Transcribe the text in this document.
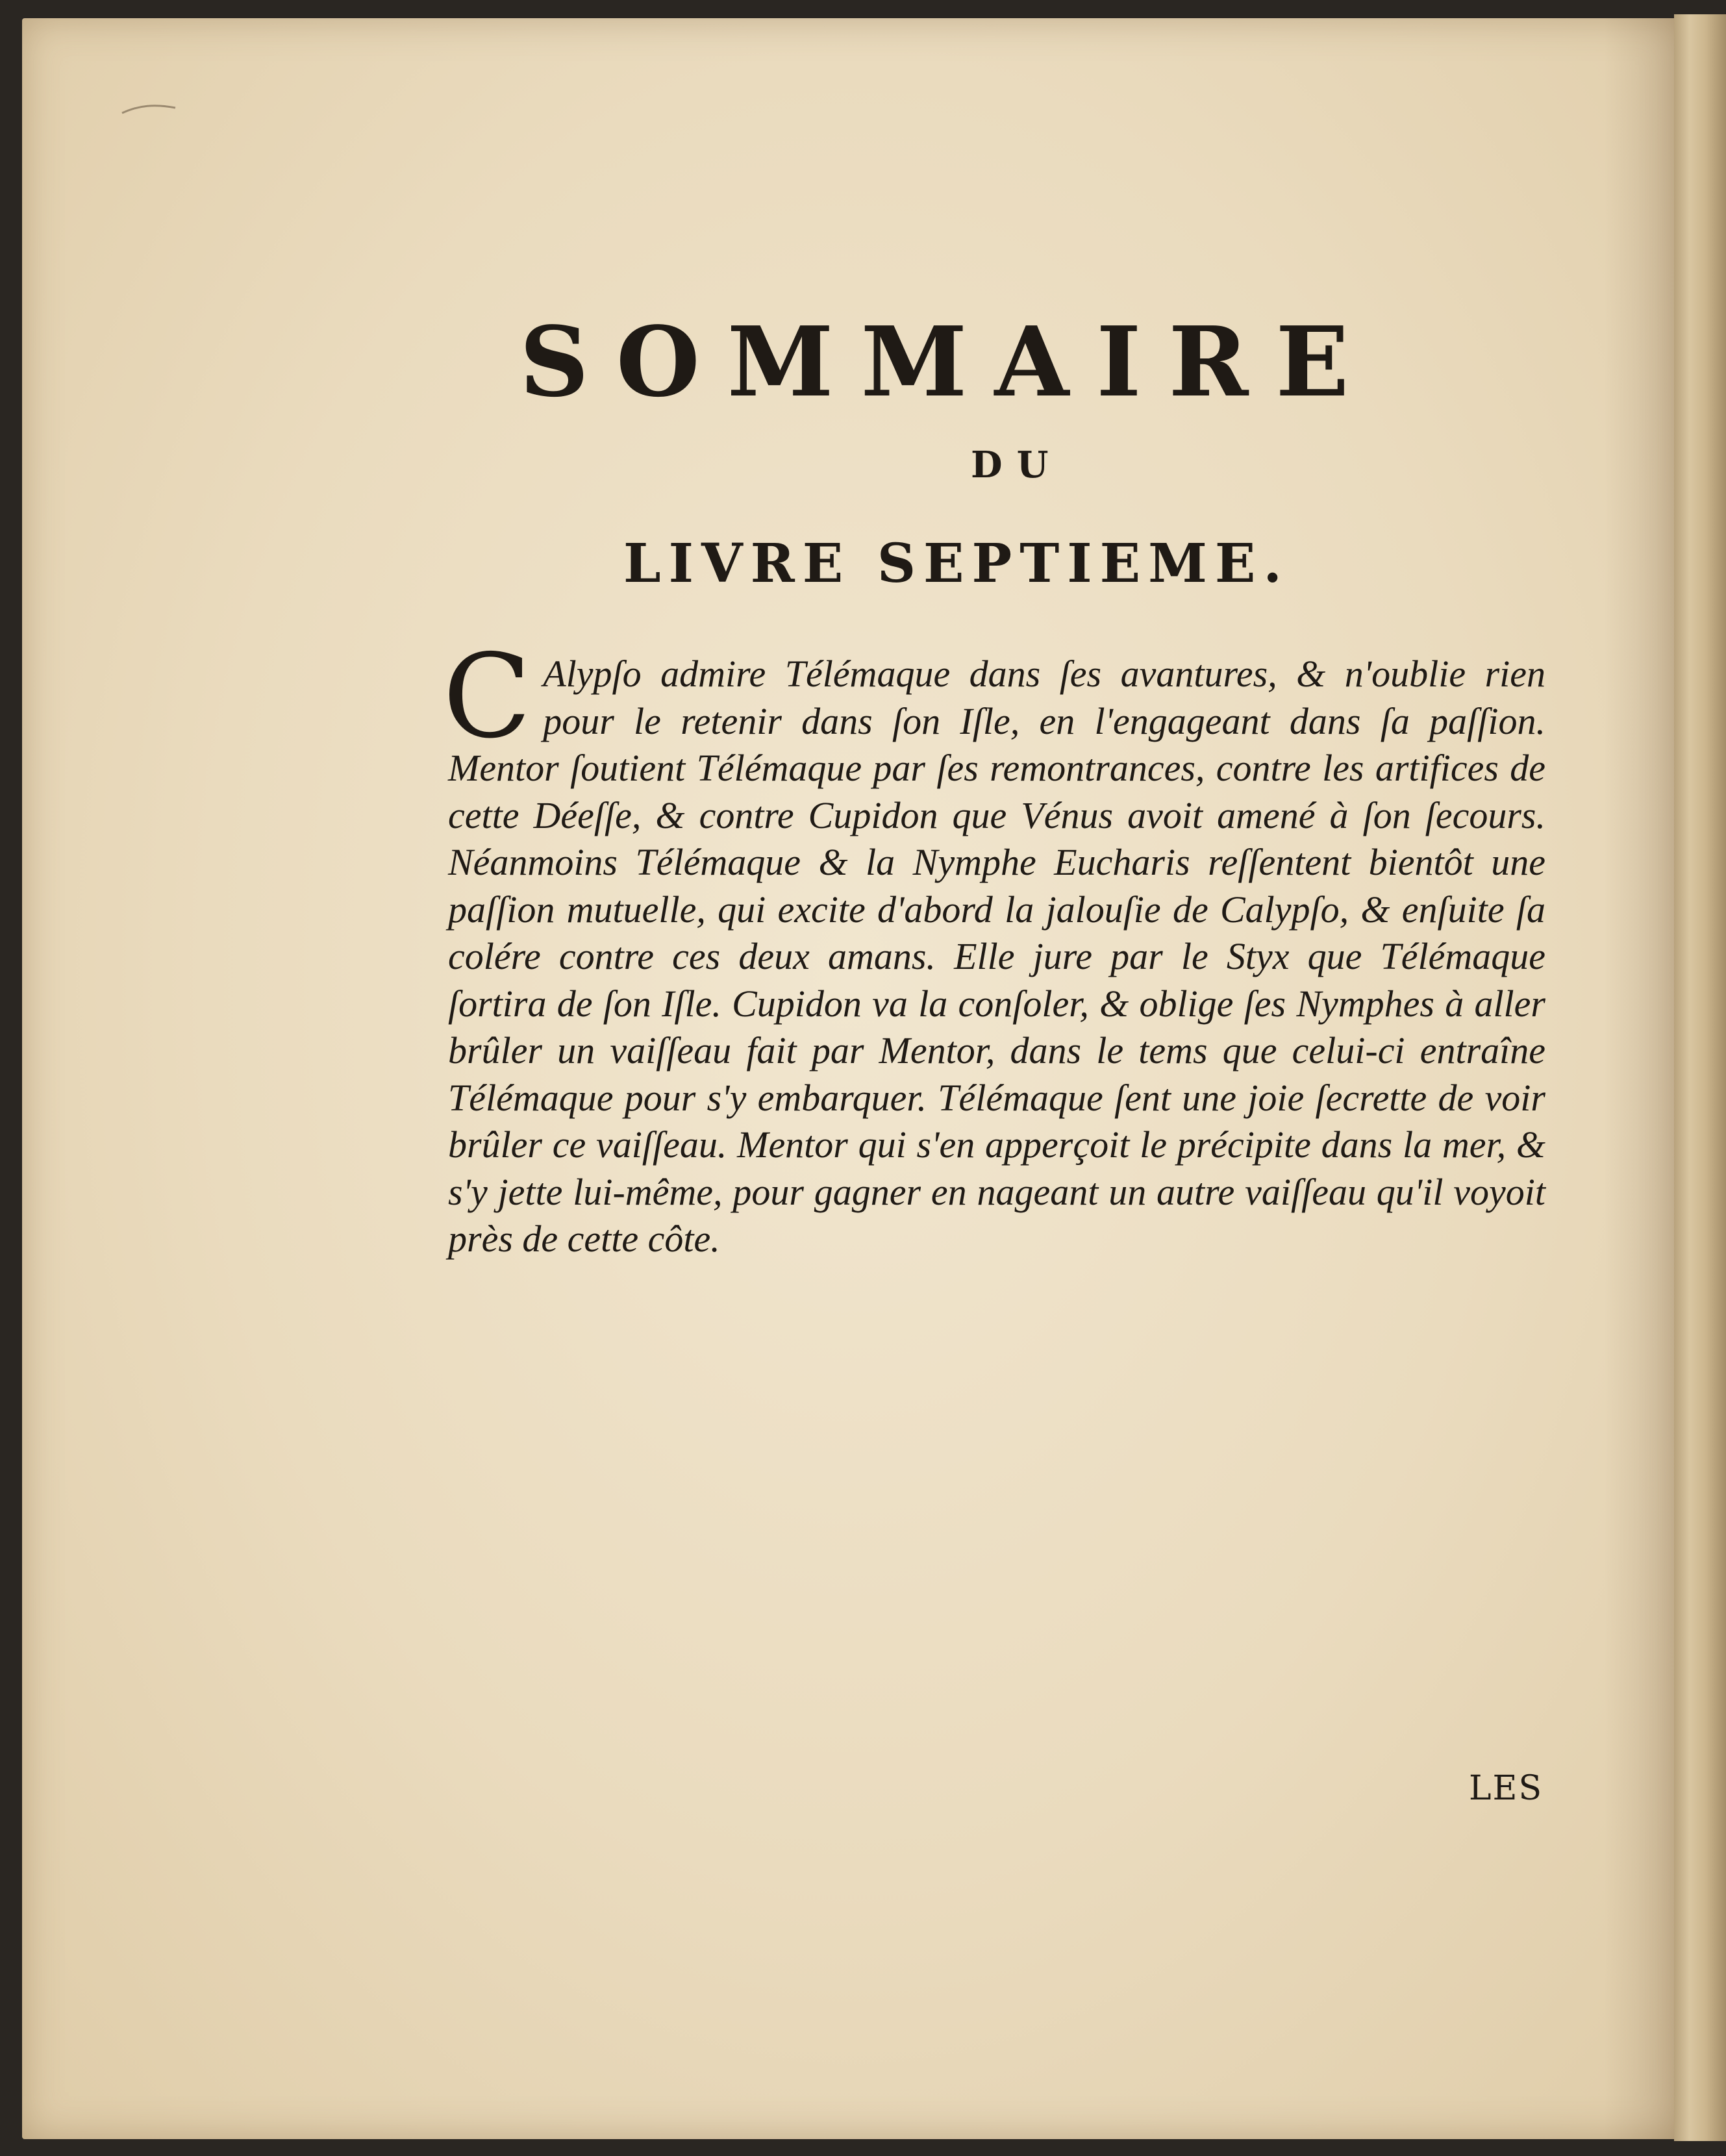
SOMMAIRE
DU
LIVRE SEPTIEME.
C Alypſo admire Télémaque dans ſes avantures, & n'oublie rien pour le retenir dans ſon Iſle, en l'engageant dans ſa paſſion. Mentor ſoutient Télémaque par ſes remontrances, contre les artifices de cette Déeſſe, & contre Cupidon que Vénus avoit amené à ſon ſecours. Néanmoins Télémaque & la Nymphe Eucharis reſſentent bientôt une paſſion mutuelle, qui excite d'abord la jalouſie de Calypſo, & enſuite ſa colére contre ces deux amans. Elle jure par le Styx que Télémaque ſortira de ſon Iſle. Cupidon va la conſoler, & oblige ſes Nymphes à aller brûler un vaiſſeau fait par Mentor, dans le tems que celui-ci entraîne Télémaque pour s'y embarquer. Télémaque ſent une joie ſecrette de voir brûler ce vaiſſeau. Mentor qui s'en apperçoit le précipite dans la mer, & s'y jette lui-même, pour gagner en nageant un autre vaiſſeau qu'il voyoit près de cette côte.
LES
